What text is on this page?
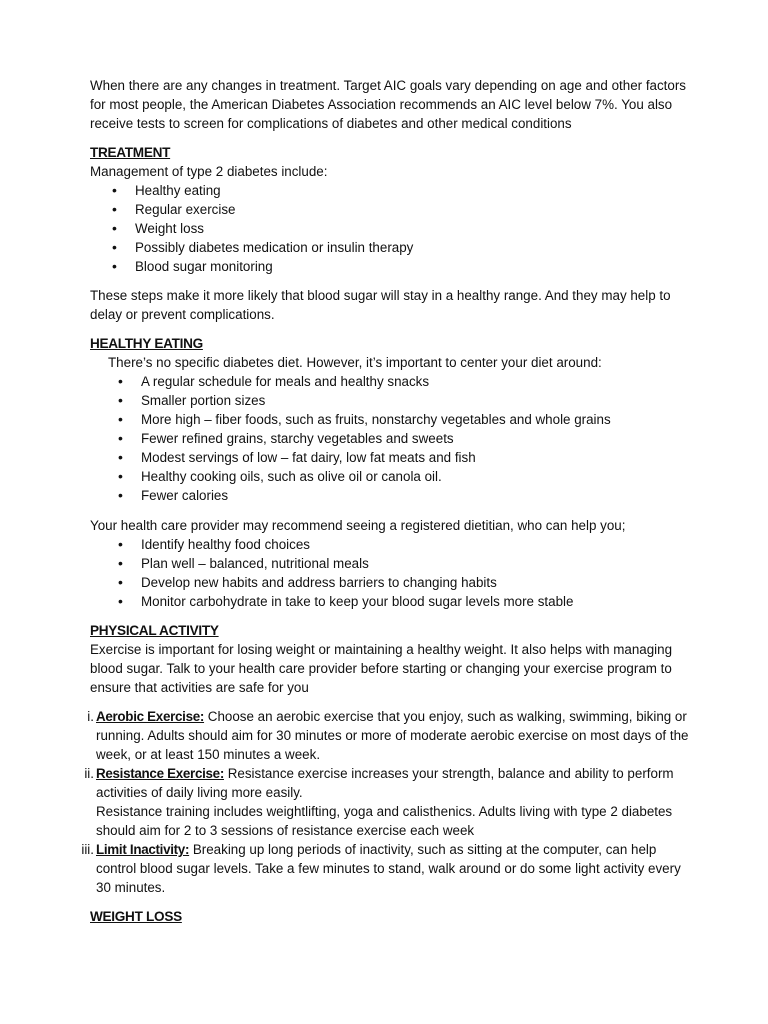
When there are any changes in treatment. Target AIC goals vary depending on age and other factors for most people, the American Diabetes Association recommends an AIC level below 7%. You also receive tests to screen for complications of diabetes and other medical conditions

TREATMENT

Management of type 2 diabetes include:

• Healthy eating
• Regular exercise
• Weight loss
• Possibly diabetes medication or insulin therapy
• Blood sugar monitoring

These steps make it more likely that blood sugar will stay in a healthy range. And they may help to delay or prevent complications.

HEALTHY EATING

There’s no specific diabetes diet. However, it’s important to center your diet around:

• A regular schedule for meals and healthy snacks
• Smaller portion sizes
• More high – fiber foods, such as fruits, nonstarchy vegetables and whole grains
• Fewer refined grains, starchy vegetables and sweets
• Modest servings of low – fat dairy, low fat meats and fish
• Healthy cooking oils, such as olive oil or canola oil.
• Fewer calories

Your health care provider may recommend seeing a registered dietitian, who can help you;

• Identify healthy food choices
• Plan well – balanced, nutritional meals
• Develop new habits and address barriers to changing habits
• Monitor carbohydrate in take to keep your blood sugar levels more stable
PHYSICAL ACTIVITY

Exercise is important for losing weight or maintaining a healthy weight. It also helps with managing blood sugar. Talk to your health care provider before starting or changing your exercise program to ensure that activities are safe for you

i. Aerobic Exercise: Choose an aerobic exercise that you enjoy, such as walking, swimming, biking or running. Adults should aim for 30 minutes or more of moderate aerobic exercise on most days of the week, or at least 150 minutes a week.
ii. Resistance Exercise: Resistance exercise increases your strength, balance and ability to perform activities of daily living more easily.
Resistance training includes weightlifting, yoga and calisthenics. Adults living with type 2 diabetes should aim for 2 to 3 sessions of resistance exercise each week
iii. Limit Inactivity: Breaking up long periods of inactivity, such as sitting at the computer, can help control blood sugar levels. Take a few minutes to stand, walk around or do some light activity every 30 minutes.
WEIGHT LOSS
